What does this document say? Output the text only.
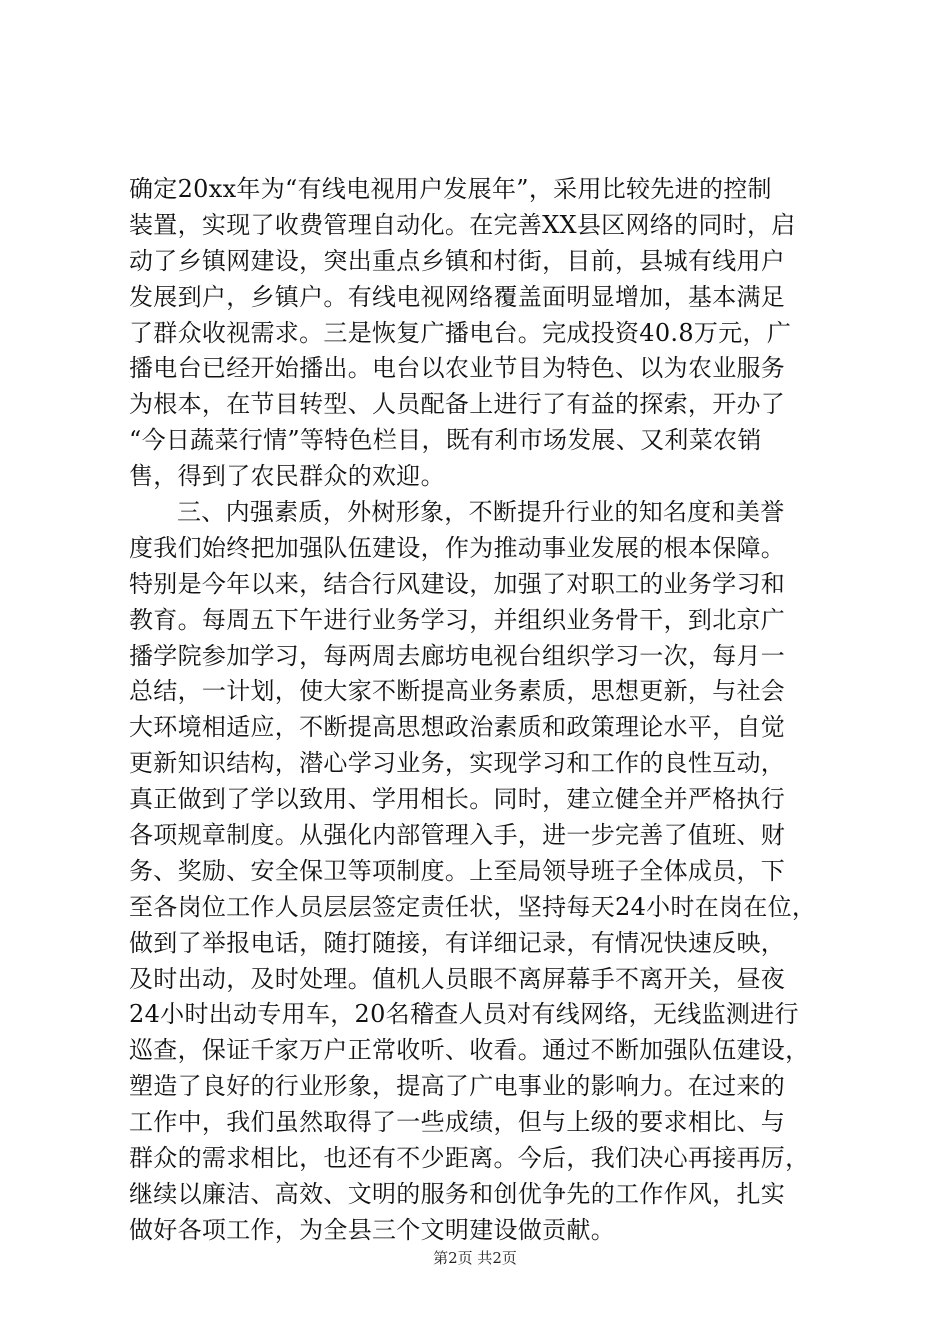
确定20xx年为“有线电视用户发展年”，采用比较先进的控制
装置，实现了收费管理自动化。在完善XX县区网络的同时，启
动了乡镇网建设，突出重点乡镇和村街，目前，县城有线用户
发展到户，乡镇户。有线电视网络覆盖面明显增加，基本满足
了群众收视需求。三是恢复广播电台。完成投资40.8万元，广
播电台已经开始播出。电台以农业节目为特色、以为农业服务
为根本，在节目转型、人员配备上进行了有益的探索，开办了
“今日蔬菜行情”等特色栏目，既有利市场发展、又利菜农销
售，得到了农民群众的欢迎。
三、内强素质，外树形象，不断提升行业的知名度和美誉
度我们始终把加强队伍建设，作为推动事业发展的根本保障。
特别是今年以来，结合行风建设，加强了对职工的业务学习和
教育。每周五下午进行业务学习，并组织业务骨干，到北京广
播学院参加学习，每两周去廊坊电视台组织学习一次，每月一
总结，一计划，使大家不断提高业务素质，思想更新，与社会
大环境相适应，不断提高思想政治素质和政策理论水平，自觉
更新知识结构，潜心学习业务，实现学习和工作的良性互动，
真正做到了学以致用、学用相长。同时，建立健全并严格执行
各项规章制度。从强化内部管理入手，进一步完善了值班、财
务、奖励、安全保卫等项制度。上至局领导班子全体成员，下
至各岗位工作人员层层签定责任状，坚持每天24小时在岗在位，
做到了举报电话，随打随接，有详细记录，有情况快速反映，
及时出动，及时处理。值机人员眼不离屏幕手不离开关，昼夜
24小时出动专用车，20名稽查人员对有线网络，无线监测进行
巡查，保证千家万户正常收听、收看。通过不断加强队伍建设，
塑造了良好的行业形象，提高了广电事业的影响力。在过来的
工作中，我们虽然取得了一些成绩，但与上级的要求相比、与
群众的需求相比，也还有不少距离。今后，我们决心再接再厉，
继续以廉洁、高效、文明的服务和创优争先的工作作风，扎实
做好各项工作，为全县三个文明建设做贡献。
第2页 共2页
